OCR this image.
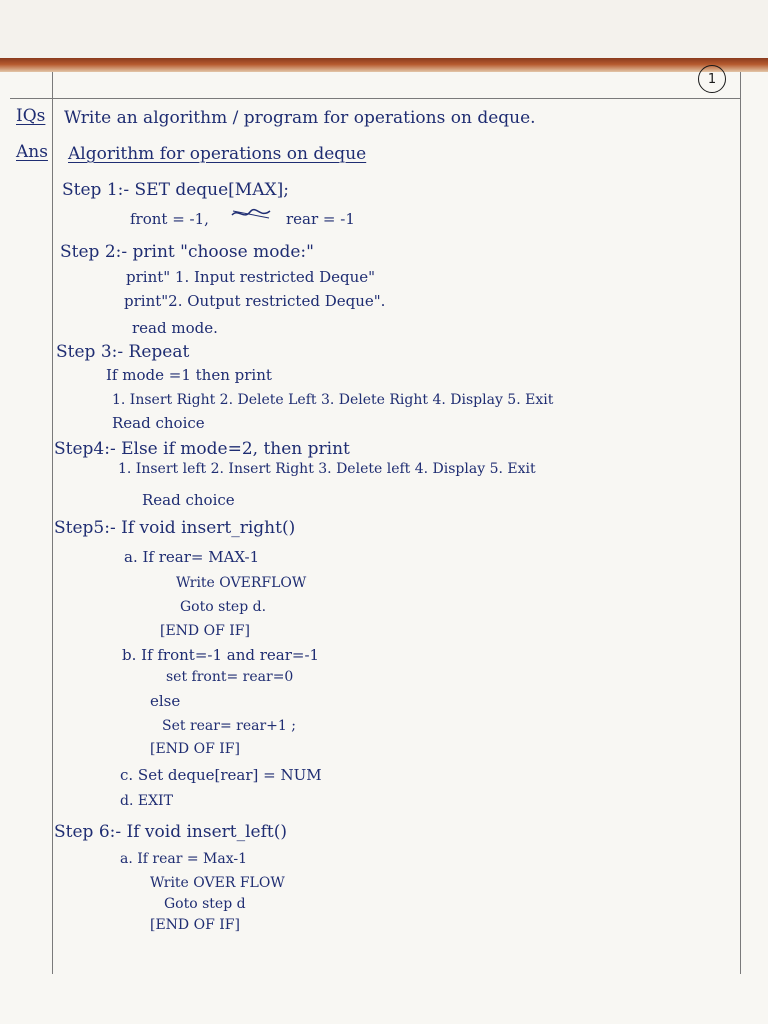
1
IQs Write an algorithm / program for operations on deque.
Ans Algorithm for operations on deque
Step 1:- SET deque[MAX];
front = -1,	rear = -1
Step 2:- print "choose mode:"
print" 1. Input restricted Deque"
print"2. Output restricted Deque".
read mode.
Step 3:- Repeat
If mode =1 then print
1. Insert Right 2. Delete Left 3. Delete Right 4. Display 5. Exit
Read choice
Step4:- Else if mode=2, then print
1. Insert left 2. Insert Right 3. Delete left 4. Display 5. Exit
Read choice
Step5:- If void insert_right()
a. If rear= MAX-1
Write OVERFLOW
Goto step d.
[END OF IF]
b. If front=-1 and rear=-1
set front= rear=0
else
Set rear= rear+1 ;
[END OF IF]
c. Set deque[rear] = NUM
d. EXIT
Step 6:- If void insert_left()
a. If rear = Max-1
Write OVER FLOW
Goto step d
[END OF IF]
